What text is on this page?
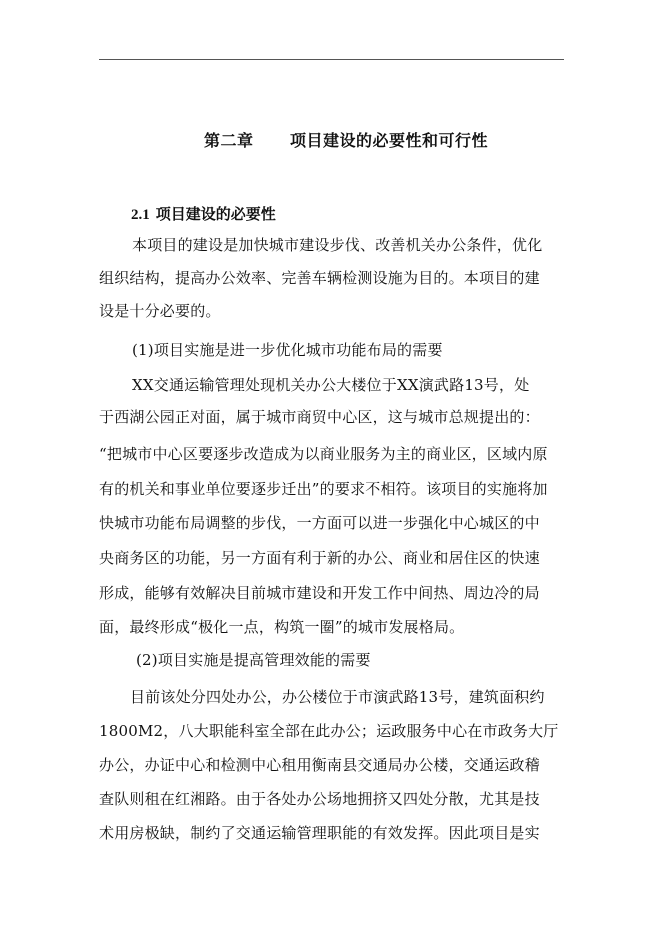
第二章      项目建设的必要性和可行性
2.1 项目建设的必要性
本项目的建设是加快城市建设步伐、改善机关办公条件，优化
组织结构，提高办公效率、完善车辆检测设施为目的。本项目的建
设是十分必要的。
(1)项目实施是进一步优化城市功能布局的需要
XX交通运输管理处现机关办公大楼位于XX演武路13号，处
于西湖公园正对面，属于城市商贸中心区，这与城市总规提出的：
“把城市中心区要逐步改造成为以商业服务为主的商业区，区域内原
有的机关和事业单位要逐步迁出”的要求不相符。该项目的实施将加
快城市功能布局调整的步伐，一方面可以进一步强化中心城区的中
央商务区的功能，另一方面有利于新的办公、商业和居住区的快速
形成，能够有效解决目前城市建设和开发工作中间热、周边冷的局
面，最终形成“极化一点，构筑一圈”的城市发展格局。
(2)项目实施是提高管理效能的需要
目前该处分四处办公，办公楼位于市演武路13号，建筑面积约
1800M2，八大职能科室全部在此办公；运政服务中心在市政务大厅
办公，办证中心和检测中心租用衡南县交通局办公楼，交通运政稽
查队则租在红湘路。由于各处办公场地拥挤又四处分散，尤其是技
术用房极缺，制约了交通运输管理职能的有效发挥。因此项目是实
